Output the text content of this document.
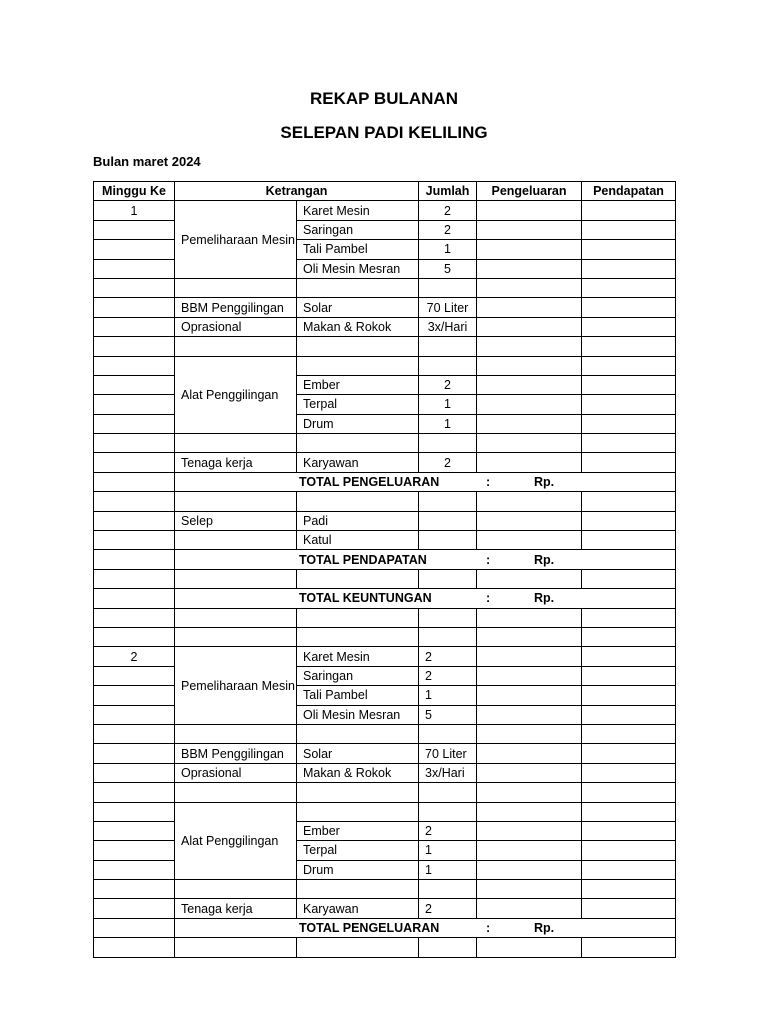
REKAP BULANAN
SELEPAN PADI KELILING

Bulan maret 2024

Minggu Ke	Ketrangan		Jumlah	Pengeluaran	Pendapatan
1	Pemeliharaan Mesin	Karet Mesin	2		
		Saringan	2		
		Tali Pambel	1		
		Oli Mesin Mesran	5		

	BBM Penggilingan	Solar	70 Liter		
	Oprasional	Makan & Rokok	3x/Hari		

	Alat Penggilingan				
		Ember	2		
		Terpal	1		
		Drum	1		

	Tenaga kerja	Karyawan	2		

	TOTAL PENGELUARAN : Rp.				

	Selep	Padi			
		Katul			

	TOTAL PENDAPATAN : Rp.				

	TOTAL KEUNTUNGAN : Rp.				

2	Pemeliharaan Mesin	Karet Mesin	2		
		Saringan	2		
		Tali Pambel	1		
		Oli Mesin Mesran	5		

	BBM Penggilingan	Solar	70 Liter		
	Oprasional	Makan & Rokok	3x/Hari		

	Alat Penggilingan				
		Ember	2		
		Terpal	1		
		Drum	1		

	Tenaga kerja	Karyawan	2		

	TOTAL PENGELUARAN : Rp.				
